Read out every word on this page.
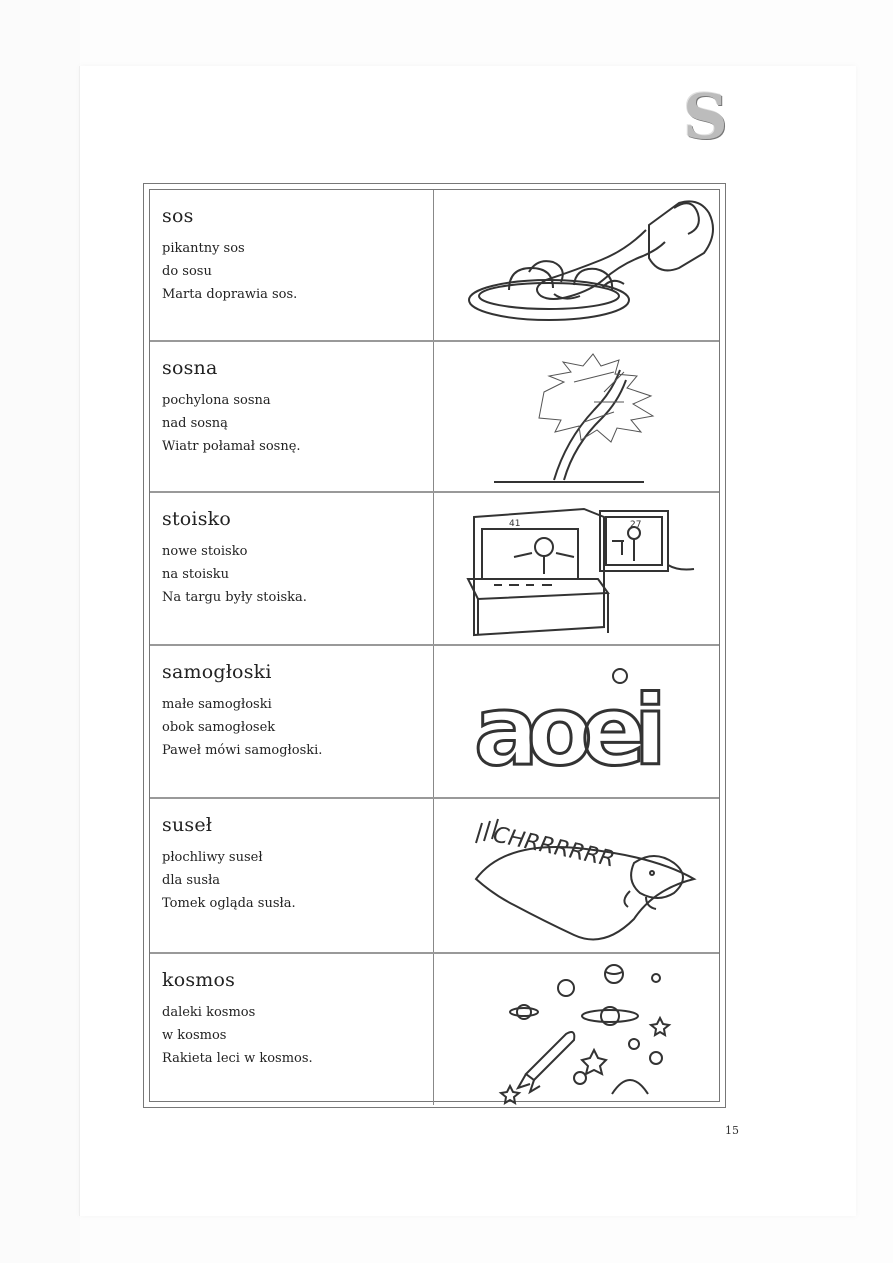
S
sos
pikantny sos
do sosu
Marta doprawia sos.
sosna
pochylona sosna
nad sosną
Wiatr połamał sosnę.
stoisko
nowe stoisko
na stoisku
Na targu były stoiska.
41	27
samogłoski
małe samogłoski
obok samogłosek
Paweł mówi samogłoski.	aoei
suseł
płochliwy suseł
dla susła
Tomek ogląda susła.
CHRRRRRR
kosmos
daleki kosmos
w kosmos
Rakieta leci w kosmos.
15
